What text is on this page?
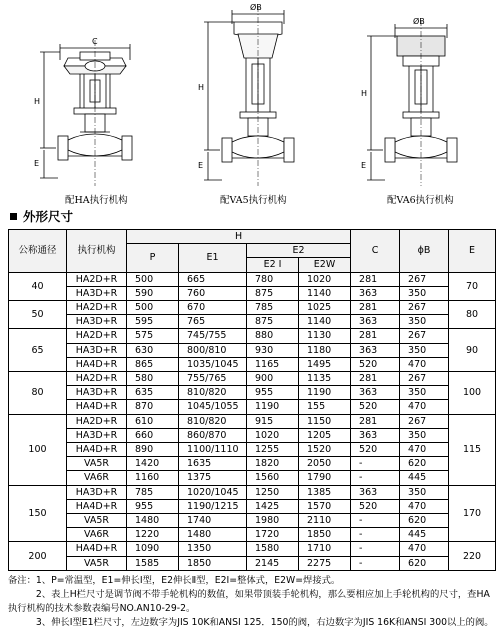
C
H
E
配HA执行机构
ØB
H
E
配VA5执行机构
ØB
H
E
配VA6执行机构
外形尺寸
公称通径	执行机构	H				C	ϕB	E
		P	E1	E2				
				E2 I	E2W			
40	HA2D+R	500	665	780	1020	281	267	70
	HA3D+R	590	760	875	1140	363	350	
50	HA2D+R	500	670	785	1025	281	267	80
	HA3D+R	595	765	875	1140	363	350	
65	HA2D+R	575	745/755	880	1130	281	267	90
	HA3D+R	630	800/810	930	1180	363	350	
	HA4D+R	865	1035/1045	1165	1495	520	470	
80	HA2D+R	580	755/765	900	1135	281	267	100
	HA3D+R	635	810/820	955	1190	363	350	
	HA4D+R	870	1045/1055	1190	155	520	470	
100	HA2D+R	610	810/820	915	1150	281	267	115
	HA3D+R	660	860/870	1020	1205	363	350	
	HA4D+R	890	1100/1110	1255	1520	520	470	
	VA5R	1420	1635	1820	2050	-	620	
	VA6R	1160	1375	1560	1790	-	445	
150	HA3D+R	785	1020/1045	1250	1385	363	350	170
	HA4D+R	955	1190/1215	1425	1570	520	470	
	VA5R	1480	1740	1980	2110	-	620	
	VA6R	1220	1480	1720	1850	-	445	
200	HA4D+R	1090	1350	1580	1710	-	470	220
	VA5R	1585	1850	2145	2275	-	620	

备注：1、P=常温型，E1=伸长Ⅰ型，E2伸长Ⅱ型，E2Ⅰ=整体式，E2W=焊接式。

　　　2、表上H栏尺寸是调节阀不带手轮机构的数值，如果带顶装手轮机构，那么要相应加上手轮机构的尺寸，查HA执行机构的技术参数表编号NO.AN10-29-2。

　　　3、伸长Ⅰ型E1栏尺寸，左边数字为JIS 10K和ANSI 125．150的阀，右边数字为JIS 16K和ANSI 300以上的阀。
